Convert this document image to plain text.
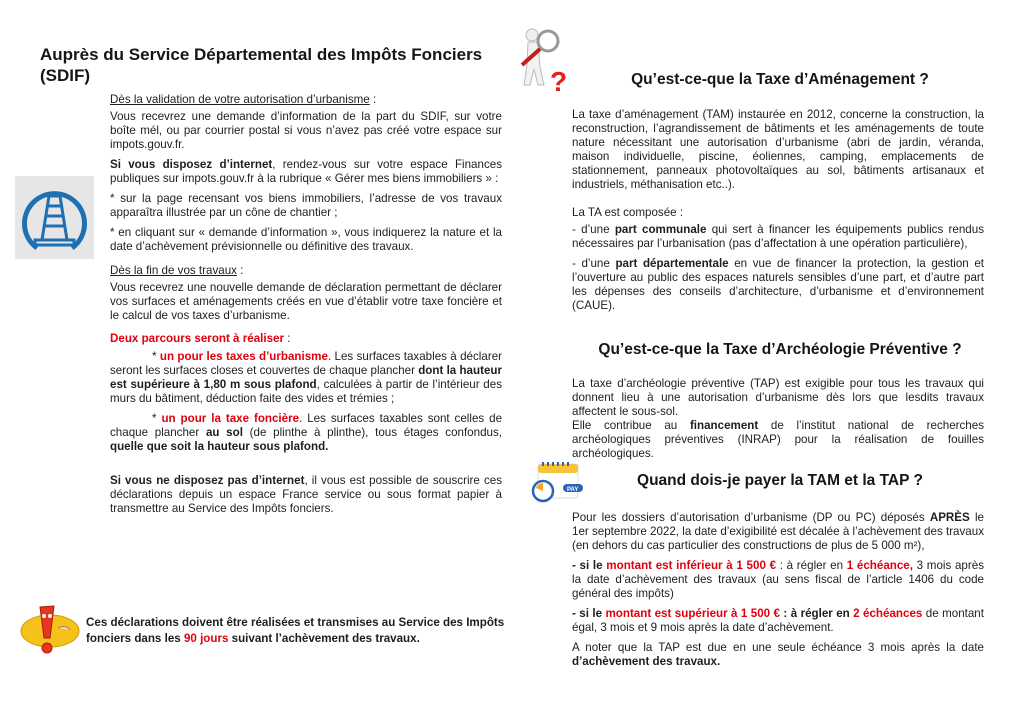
Auprès du Service Départemental des Impôts Fonciers (SDIF)

Dès la validation de votre autorisation d’urbanisme :

Vous recevrez une demande d’information de la part du SDIF, sur votre boîte mél, ou par courrier postal si vous n’avez pas créé votre espace sur impots.gouv.fr.

Si vous disposez d’internet, rendez-vous sur votre espace Finances publiques sur impots.gouv.fr à la rubrique « Gérer mes biens immobiliers » :

* sur la page recensant vos biens immobiliers, l’adresse de vos travaux apparaîtra illustrée par un cône de chantier ;

* en cliquant sur « demande d’information », vous indiquerez la nature et la date d’achèvement prévisionnelle ou définitive des travaux.

Dès la fin de vos travaux :

Vous recevrez une nouvelle demande de déclaration permettant de déclarer vos surfaces et aménagements créés en vue d’établir votre taxe foncière et le calcul de vos taxes d’urbanisme.

Deux parcours seront à réaliser :

* un pour les taxes d’urbanisme. Les surfaces taxables à déclarer seront les surfaces closes et couvertes de chaque plancher dont la hauteur est supérieure à 1,80 m sous plafond, calculées à partir de l’intérieur des murs du bâtiment, déduction faite des vides et trémies ;

* un pour la taxe foncière. Les surfaces taxables sont celles de chaque plancher au sol (de plinthe à plinthe), tous étages confondus, quelle que soit la hauteur sous plafond.

Si vous ne disposez pas d’internet, il vous est possible de souscrire ces déclarations depuis un espace France service ou sous format papier à transmettre au Service des Impôts fonciers.

Ces déclarations doivent être réalisées et transmises au Service des Impôts fonciers dans les 90 jours suivant l’achèvement des travaux.
?	Qu’est-ce-que la Taxe d’Aménagement ?

La taxe d’aménagement (TAM) instaurée en 2012, concerne la construction, la reconstruction, l’agrandissement de bâtiments et les aménagements de toute nature nécessitant une autorisation d’urbanisme (abri de jardin, véranda, maison individuelle, piscine, éoliennes, camping, emplacements de stationnement, panneaux photovoltaïques au sol, bâtiments artisanaux et industriels, méthanisation etc..).

La TA est composée :

- d’une part communale qui sert à financer les équipements publics rendus nécessaires par l’urbanisation (pas d’affectation à une opération particulière),

- d’une part départementale en vue de financer la protection, la gestion et l’ouverture au public des espaces naturels sensibles d’une part, et d’autre part les dépenses des conseils d’architecture, d’urbanisme et d’environnement (CAUE).

Qu’est-ce-que la Taxe d’Archéologie Préventive ?

La taxe d’archéologie préventive (TAP) est exigible pour tous les travaux qui donnent lieu à une autorisation d’urbanisme dès lors que lesdits travaux affectent le sous-sol.

Elle contribue au financement de l’institut national de recherches archéologiques préventives (INRAP) pour la réalisation de fouilles archéologiques.

PAY
Quand dois-je payer la TAM et la TAP ?

Pour les dossiers d’autorisation d’urbanisme (DP ou PC) déposés APRÈS le 1er septembre 2022, la date d’exigibilité est décalée à l’achèvement des travaux (en dehors du cas particulier des constructions de plus de 5 000 m²),

- si le montant est inférieur à 1 500 € : à régler en 1 échéance, 3 mois après la date d’achèvement des travaux (au sens fiscal de l’article 1406 du code général des impôts)

- si le montant est supérieur à 1 500 € : à régler en 2 échéances de montant égal, 3 mois et 9 mois après la date d’achèvement.

A noter que la TAP est due en une seule échéance 3 mois après la date d’achèvement des travaux.
